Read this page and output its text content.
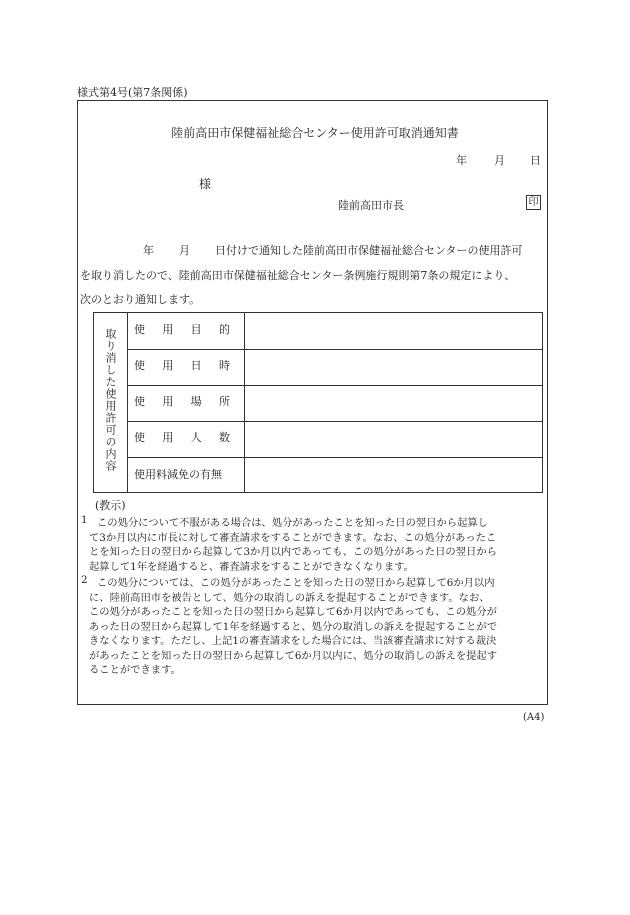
様式第4号(第7条関係)
陸前高田市保健福祉総合センター使用許可取消通知書
年 月 日
様
陸前高田市長	印
年 月 日付けで通知した陸前高田市保健福祉総合センターの使用許可
を取り消したので、陸前高田市保健福祉総合センター条例施行規則第7条の規定により、
次のとおり通知します。
取り消した使用許可の内容 使 用 目 的
使 用 日 時
使 用 場 所
使 用 人 数
使用料減免の有無
(教示)
1 この処分について不服がある場合は、処分があったことを知った日の翌日から起算し
て3か月以内に市長に対して審査請求をすることができます。なお、この処分があったこ
とを知った日の翌日から起算して3か月以内であっても、この処分があった日の翌日から
起算して1年を経過すると、審査請求をすることができなくなります。
2 この処分については、この処分があったことを知った日の翌日から起算して6か月以内
に、陸前高田市を被告として、処分の取消しの訴えを提起することができます。なお、
この処分があったことを知った日の翌日から起算して6か月以内であっても、この処分が
あった日の翌日から起算して1年を経過すると、処分の取消しの訴えを提起することがで
きなくなります。ただし、上記1の審査請求をした場合には、当該審査請求に対する裁決
があったことを知った日の翌日から起算して6か月以内に、処分の取消しの訴えを提起す
ることができます。
(A4)
